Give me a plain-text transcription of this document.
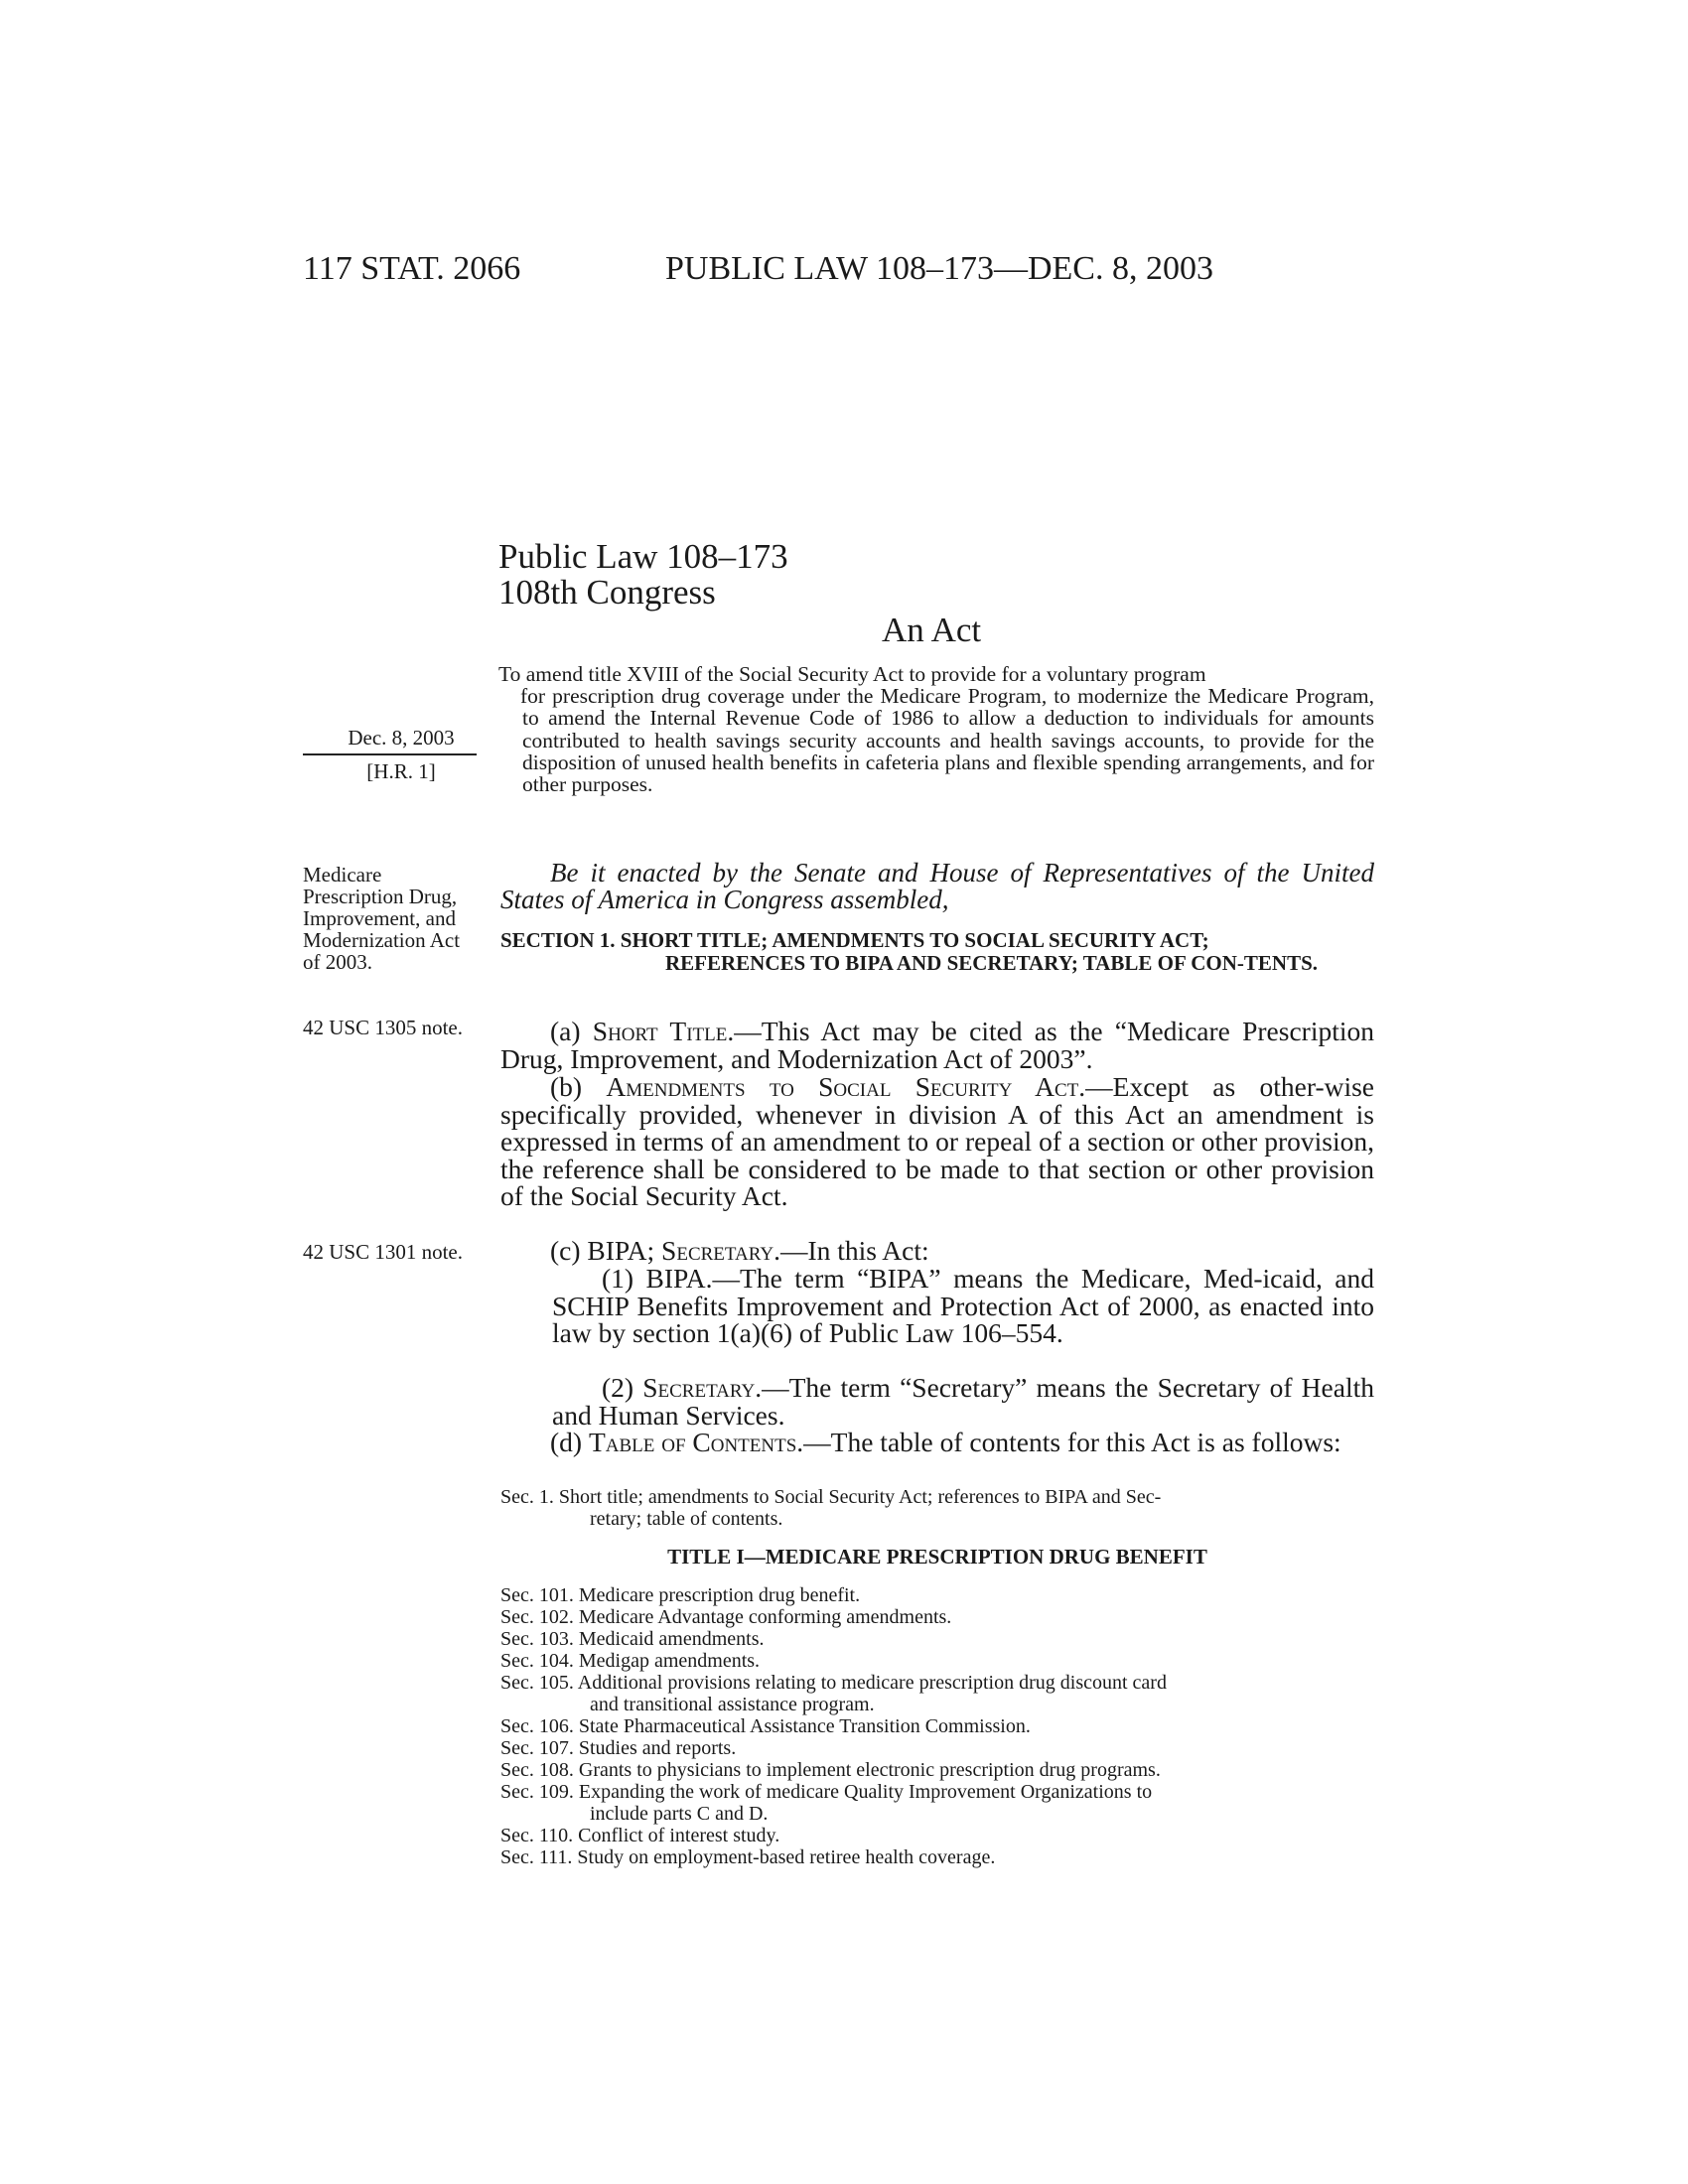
117 STAT. 2066	PUBLIC LAW 108–173—DEC. 8, 2003
Public Law 108–173
108th Congress
An Act
To amend title XVIII of the Social Security Act to provide for a voluntary program
for prescription drug coverage under the Medicare Program, to modernize the Medicare Program, to amend the Internal Revenue Code of 1986 to allow a deduction to individuals for amounts contributed to health savings security accounts and health savings accounts, to provide for the disposition of unused health benefits in cafeteria plans and flexible spending arrangements, and for other purposes.
Dec. 8, 2003
[H.R. 1]
Medicare Prescription Drug, Improvement, and Modernization Act of 2003.
42 USC 1305 note.
42 USC 1301 note.
Be it enacted by the Senate and House of Representatives of the United States of America in Congress assembled,
SECTION 1. SHORT TITLE; AMENDMENTS TO SOCIAL SECURITY ACT;
REFERENCES TO BIPA AND SECRETARY; TABLE OF CON-TENTS.
(a) Short Title.—This Act may be cited as the “Medicare Prescription Drug, Improvement, and Modernization Act of 2003”.
(b) Amendments to Social Security Act.—Except as other-wise specifically provided, whenever in division A of this Act an amendment is expressed in terms of an amendment to or repeal of a section or other provision, the reference shall be considered to be made to that section or other provision of the Social Security Act.
(c) BIPA; Secretary.—In this Act:
(1) BIPA.—The term “BIPA” means the Medicare, Med-icaid, and SCHIP Benefits Improvement and Protection Act of 2000, as enacted into law by section 1(a)(6) of Public Law 106–554.
(2) Secretary.—The term “Secretary” means the Secretary of Health and Human Services.
(d) Table of Contents.—The table of contents for this Act is as follows:
Sec. 1. Short title; amendments to Social Security Act; references to BIPA and Sec-
retary; table of contents.
TITLE I—MEDICARE PRESCRIPTION DRUG BENEFIT
Sec. 101. Medicare prescription drug benefit.
Sec. 102. Medicare Advantage conforming amendments.
Sec. 103. Medicaid amendments.
Sec. 104. Medigap amendments.
Sec. 105. Additional provisions relating to medicare prescription drug discount card
and transitional assistance program.
Sec. 106. State Pharmaceutical Assistance Transition Commission.
Sec. 107. Studies and reports.
Sec. 108. Grants to physicians to implement electronic prescription drug programs.
Sec. 109. Expanding the work of medicare Quality Improvement Organizations to
include parts C and D.
Sec. 110. Conflict of interest study.
Sec. 111. Study on employment-based retiree health coverage.
